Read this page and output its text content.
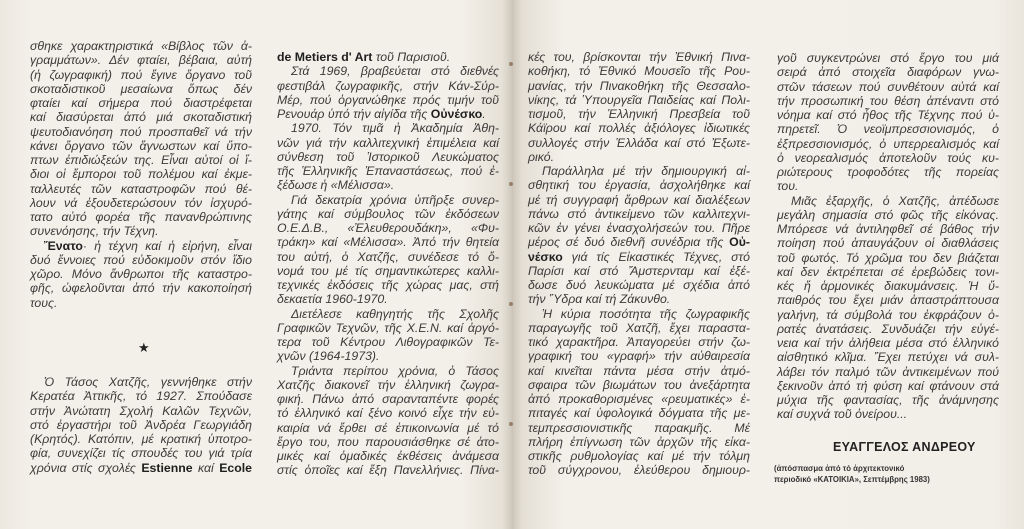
σθηκε χαρακτηριστικά «Βίβλος τῶν ἀ-
γραμμάτων». Δέν φταίει, βέβαια, αὐτή
(ἡ ζωγραφική) πού ἔγινε ὄργανο τοῦ
σκοταδιστικοῦ μεσαίωνα ὅπως δέν
φταίει καί σήμερα πού διαστρέφεται
καί διασύρεται ἀπό μιά σκοταδιστική
ψευτοδιανόηση πού προσπαθεῖ νά τήν
κάνει ὄργανο τῶν ἄγνωστων καί ὕπο-
πτων ἐπιδιώξεών της. Εἶναι αὐτοί οἱ ἴ-
διοι οἱ ἔμποροι τοῦ πολέμου καί ἐκμε-
ταλλευτές τῶν καταστροφῶν πού θέ-
λουν νά ἐξουδετερώσουν τόν ἰσχυρό-
τατο αὐτό φορέα τῆς πανανθρώπινης
συνενόησης, τήν Τέχνη.
Ἔνατο· ἡ τέχνη καί ἡ εἰρήνη, εἶναι
δυό ἔννοιες πού εὐδοκιμοῦν στόν ἴδιο
χῶρο. Μόνο ἄνθρωποι τῆς καταστρο-
φῆς, ὠφελοῦνται ἀπό τήν κακοποίησή
τους.
★
Ὁ Τάσος Χατζῆς, γεννήθηκε στήν
Κερατέα Ἀττικῆς, τό 1927. Σπούδασε
στήν Ἀνώτατη Σχολή Καλῶν Τεχνῶν,
στό ἐργαστήρι τοῦ Ἀνδρέα Γεωργιάδη
(Κρητός). Κατόπιν, μέ κρατική ὑποτρο-
φία, συνεχίζει τίς σπουδές του γιά τρία
χρόνια στίς σχολές Estienne καί Ecole
de Metiers d' Art τοῦ Παρισιοῦ.
Στά 1969, βραβεύεται στό διεθνές
φεστιβάλ ζωγραφικῆς, στήν Κάν-Σύρ-
Μέρ, πού ὀργανώθηκε πρός τιμήν τοῦ
Ρενουάρ ὑπό τήν αἰγίδα τῆς Οὐνέσκο.
1970. Τόν τιμᾶ ἡ Ἀκαδημία Ἀθη-
νῶν γιά τήν καλλιτεχνική ἐπιμέλεια καί
σύνθεση τοῦ Ἱστορικοῦ Λευκώματος
τῆς Ἑλληνικῆς Ἐπαναστάσεως, πού ἐ-
ξέδωσε ἡ «Μέλισσα».
Γιά δεκατρία χρόνια ὑπῆρξε συνερ-
γάτης καί σύμβουλος τῶν ἐκδόσεων
Ο.Ε.Δ.Β., «Ἐλευθερουδάκη», «Φυ-
τράκη» καί «Μέλισσα». Ἀπό τήν θητεία
του αὐτή, ὁ Χατζῆς, συνέδεσε τό ὄ-
νομά του μέ τίς σημαντικώτερες καλλι-
τεχνικές ἐκδόσεις τῆς χώρας μας, στή
δεκαετία 1960-1970.
Διετέλεσε καθηγητής τῆς Σχολῆς
Γραφικῶν Τεχνῶν, τῆς Χ.Ε.Ν. καί ἀργό-
τερα τοῦ Κέντρου Λιθογραφικῶν Τε-
χνῶν (1964-1973).
Τριάντα περίπου χρόνια, ὁ Τάσος
Χατζῆς διακονεῖ τήν ἑλληνική ζωγρα-
φική. Πάνω ἀπό σαρανταπέντε φορές
τό ἑλληνικό καί ξένο κοινό εἶχε τήν εὐ-
καιρία νά ἔρθει σέ ἐπικοινωνία μέ τό
ἔργο του, που παρουσιάσθηκε σέ ἀτο-
μικές καί ὁμαδικές ἐκθέσεις ἀνάμεσα
στίς ὁποῖες καί ἔξη Πανελλήνιες. Πίνα-
κές του, βρίσκονται τήν Ἐθνική Πινα-
κοθήκη, τό Ἐθνικό Μουσεῖο τῆς Ρου-
μανίας, τήν Πινακοθήκη τῆς Θεσσαλο-
νίκης, τά Ὑπουργεῖα Παιδείας καί Πολι-
τισμοῦ, τήν Ἑλληνική Πρεσβεία τοῦ
Κάϊρου καί πολλές ἀξιόλογες ἰδιωτικές
συλλογές στήν Ἑλλάδα καί στό Ἐξωτε-
ρικό.
Παράλληλα μέ τήν δημιουργική αἰ-
σθητική του ἐργασία, ἀσχολήθηκε καί
μέ τή συγγραφή ἄρθρων καί διαλέξεων
πάνω στό ἀντικείμενο τῶν καλλιτεχνι-
κῶν ἐν γένει ἐνασχολήσεών του. Πῆρε
μέρος σέ δυό διεθνῆ συνέδρια τῆς Οὐ-
νέσκο γιά τίς Εἰκαστικές Τέχνες, στό
Παρίσι καί στό Ἄμστερνταμ καί ἐξέ-
δωσε δυό λευκώματα μέ σχέδια ἀπό
τήν Ὕδρα καί τή Ζάκυνθο.
Ἡ κύρια ποσότητα τῆς ζωγραφικῆς
παραγωγῆς τοῦ Χατζῆ, ἔχει παραστα-
τικό χαρακτῆρα. Ἀπαγορεύει στήν ζω-
γραφική του «γραφή» τήν αὐθαιρεσία
καί κινεῖται πάντα μέσα στήν ἀτμό-
σφαιρα τῶν βιωμάτων του ἀνεξάρτητα
ἀπό προκαθορισμένες «ρευματικές» ἐ-
πιταγές καί ὑφολογικά δόγματα τῆς με-
τεμπρεσσιονιστικῆς παρακμῆς. Μέ
πλήρη ἐπίγνωση τῶν ἀρχῶν τῆς εἰκα-
στικῆς ρυθμολογίας καί μέ τήν τόλμη
τοῦ σύγχρονου, ἐλεύθερου δημιουρ-
γοῦ συγκεντρώνει στό ἔργο του μιά
σειρά ἀπό στοιχεῖα διαφόρων γνω-
στῶν τάσεων πού συνθέτουν αὐτά καί
τήν προσωπική του θέση ἀπέναντι στό
νόημα καί στό ἦθος τῆς Τέχνης πού ὑ-
πηρετεῖ. Ὁ νεοϊμπρεσσιονισμός, ὁ
ἐξπρεσσιονισμός, ὁ υπερρεαλισμός καί
ὁ νεορεαλισμός ἀποτελοῦν τούς κυ-
ριώτερους τροφοδότες τῆς πορείας
του.
Μιᾶς ἐξαρχῆς, ὁ Χατζῆς, ἀπέδωσε
μεγάλη σημασία στό φῶς τῆς εἰκόνας.
Μπόρεσε νά ἀντιληφθεῖ σέ βάθος τήν
ποίηση πού ἀπαυγάζουν οἱ διαθλάσεις
τοῦ φωτός. Τό χρῶμα του δεν βιάζεται
καί δεν ἐκτρέπεται σέ ἐρεβώδεις τονι-
κές ἤ ἁρμονικές διακυμάνσεις. Ἡ ὕ-
παιθρός του ἔχει μιάν ἀπαστράπτουσα
γαλήνη, τά σύμβολά του ἐκφράζουν ὁ-
ρατές ἀνατάσεις. Συνδυάζει τήν εὐγέ-
νεια καί τήν ἀλήθεια μέσα στό ἑλληνικό
αἰσθητικό κλῖμα. Ἔχει πετύχει νά συλ-
λάβει τόν παλμό τῶν ἀντικειμένων πού
ξεκινοῦν ἀπό τή φύση καί φτάνουν στά
μύχια τῆς φαντασίας, τῆς ἀνάμνησης
καί συχνά τοῦ ὀνείρου...
ΕΥΑΓΓΕΛΟΣ ΑΝΔΡΕΟΥ
(ἀπόσπασμα ἀπό τό ἀρχιτεκτονικό
περιοδικό «ΚΑΤΟΙΚΙΑ», Σεπτέμβρης 1983)
